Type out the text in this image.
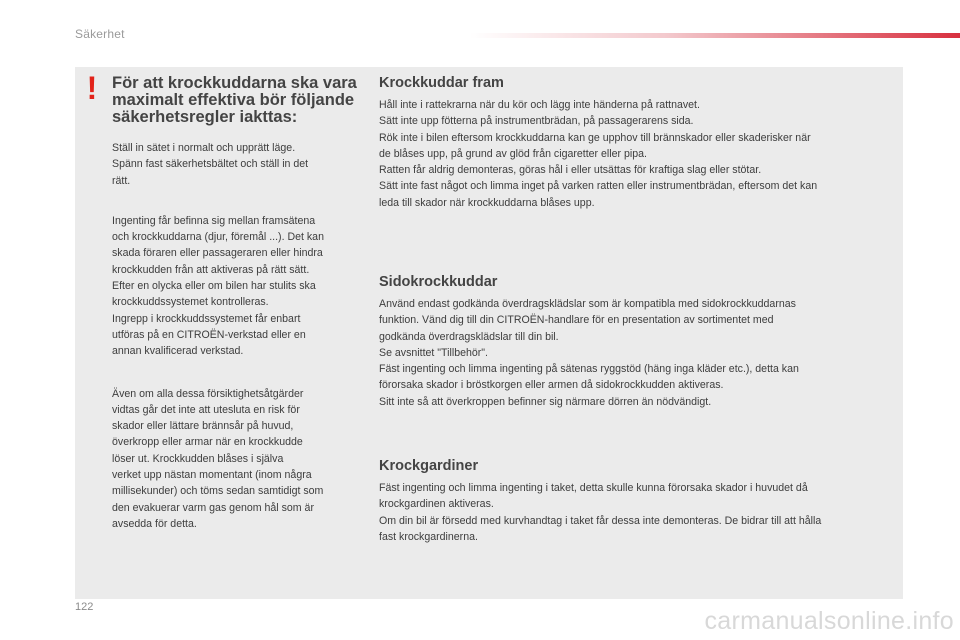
Säkerhet
! För att krockkuddarna ska vara
maximalt effektiva bör följande
säkerhetsregler iakttas:
Ställ in sätet i normalt och upprätt läge.
Spänn fast säkerhetsbältet och ställ in det
rätt.
Ingenting får befinna sig mellan framsätena
och krockkuddarna (djur, föremål ...). Det kan
skada föraren eller passageraren eller hindra
krockkudden från att aktiveras på rätt sätt.
Efter en olycka eller om bilen har stulits ska
krockkuddssystemet kontrolleras.
Ingrepp i krockkuddssystemet får enbart
utföras på en CITROËN-verkstad eller en
annan kvalificerad verkstad.
Även om alla dessa försiktighetsåtgärder
vidtas går det inte att utesluta en risk för
skador eller lättare brännsår på huvud,
överkropp eller armar när en krockkudde
löser ut. Krockkudden blåses i själva
verket upp nästan momentant (inom några
millisekunder) och töms sedan samtidigt som
den evakuerar varm gas genom hål som är
avsedda för detta.
Krockkuddar fram
Håll inte i rattekrarna när du kör och lägg inte händerna på rattnavet.
Sätt inte upp fötterna på instrumentbrädan, på passagerarens sida.
Rök inte i bilen eftersom krockkuddarna kan ge upphov till brännskador eller skaderisker när
de blåses upp, på grund av glöd från cigaretter eller pipa.
Ratten får aldrig demonteras, göras hål i eller utsättas för kraftiga slag eller stötar.
Sätt inte fast något och limma inget på varken ratten eller instrumentbrädan, eftersom det kan
leda till skador när krockkuddarna blåses upp.
Sidokrockkuddar
Använd endast godkända överdragsklädslar som är kompatibla med sidokrockkuddarnas
funktion. Vänd dig till din CITROËN-handlare för en presentation av sortimentet med
godkända överdragsklädslar till din bil.
Se avsnittet "Tillbehör".
Fäst ingenting och limma ingenting på sätenas ryggstöd (häng inga kläder etc.), detta kan
förorsaka skador i bröstkorgen eller armen då sidokrockkudden aktiveras.
Sitt inte så att överkroppen befinner sig närmare dörren än nödvändigt.
Krockgardiner
Fäst ingenting och limma ingenting i taket, detta skulle kunna förorsaka skador i huvudet då
krockgardinen aktiveras.
Om din bil är försedd med kurvhandtag i taket får dessa inte demonteras. De bidrar till att hålla
fast krockgardinerna.
122	carmanualsonline.info
